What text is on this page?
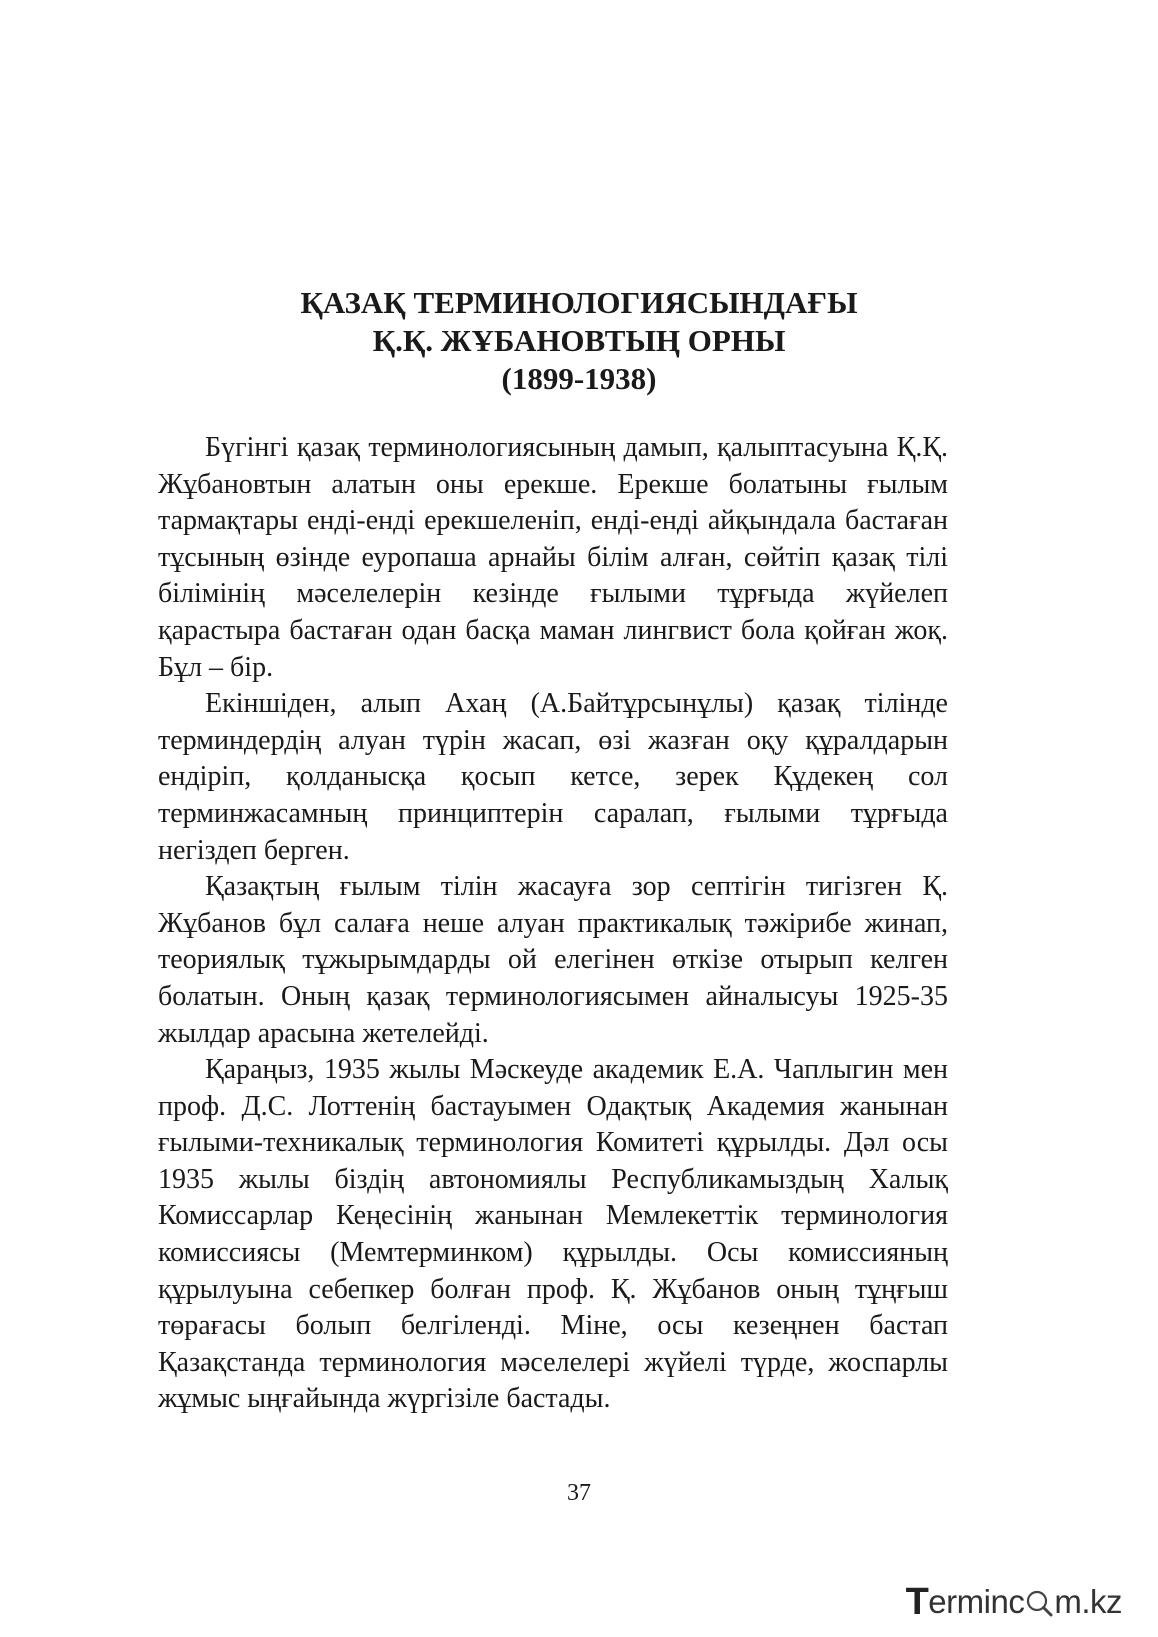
ҚАЗАҚ ТЕРМИНОЛОГИЯСЫНДАҒЫ
Қ.Қ. ЖҰБАНОВТЫҢ ОРНЫ
(1899-1938)

Бүгінгі қазақ терминологиясының дамып, қалыптасуына Қ.Қ. Жұбановтын алатын оны ерекше. Ерекше болатыны ғылым тармақтары енді-енді ерекшеленіп, енді-енді айқындала бастаған тұсының өзінде еуропаша арнайы білім алған, сөйтіп қазақ тілі білімінің мәселелерін кезінде ғылыми тұрғыда жүйелеп қарастыра бастаған одан басқа маман лингвист бола қойған жоқ. Бұл – бір.

Екіншіден, алып Ахаң (А.Байтұрсынұлы) қазақ тілінде терминдердің алуан түрін жасап, өзі жазған оқу құралдарын ендіріп, қолданысқа қосып кетсе, зерек Құдекең сол терминжасамның принциптерін саралап, ғылыми тұрғыда негіздеп берген.

Қазақтың ғылым тілін жасауға зор септігін тигізген Қ. Жұбанов бұл салаға неше алуан практикалық тәжірибе жинап, теориялық тұжырымдарды ой елегінен өткізе отырып келген болатын. Оның қазақ терминологиясымен айналысуы 1925-35 жылдар арасына жетелейді.

Қараңыз, 1935 жылы Мәскеуде академик Е.А. Чаплыгин мен проф. Д.С. Лоттенің бастауымен Одақтық Академия жанынан ғылыми-техникалық терминология Комитеті құрылды. Дәл осы 1935 жылы біздің автономиялы Республикамыздың Халық Комиссарлар Кеңесінің жанынан Мемлекеттік терминология комиссиясы (Мемтерминком) құрылды. Осы комиссияның құрылуына себепкер болған проф. Қ. Жұбанов оның тұңғыш төрағасы болып белгіленді. Міне, осы кезеңнен бастап Қазақстанда терминология мәселелері жүйелі түрде, жоспарлы жұмыс ыңғайында жүргізіле бастады.

37
T erminc m.kz
